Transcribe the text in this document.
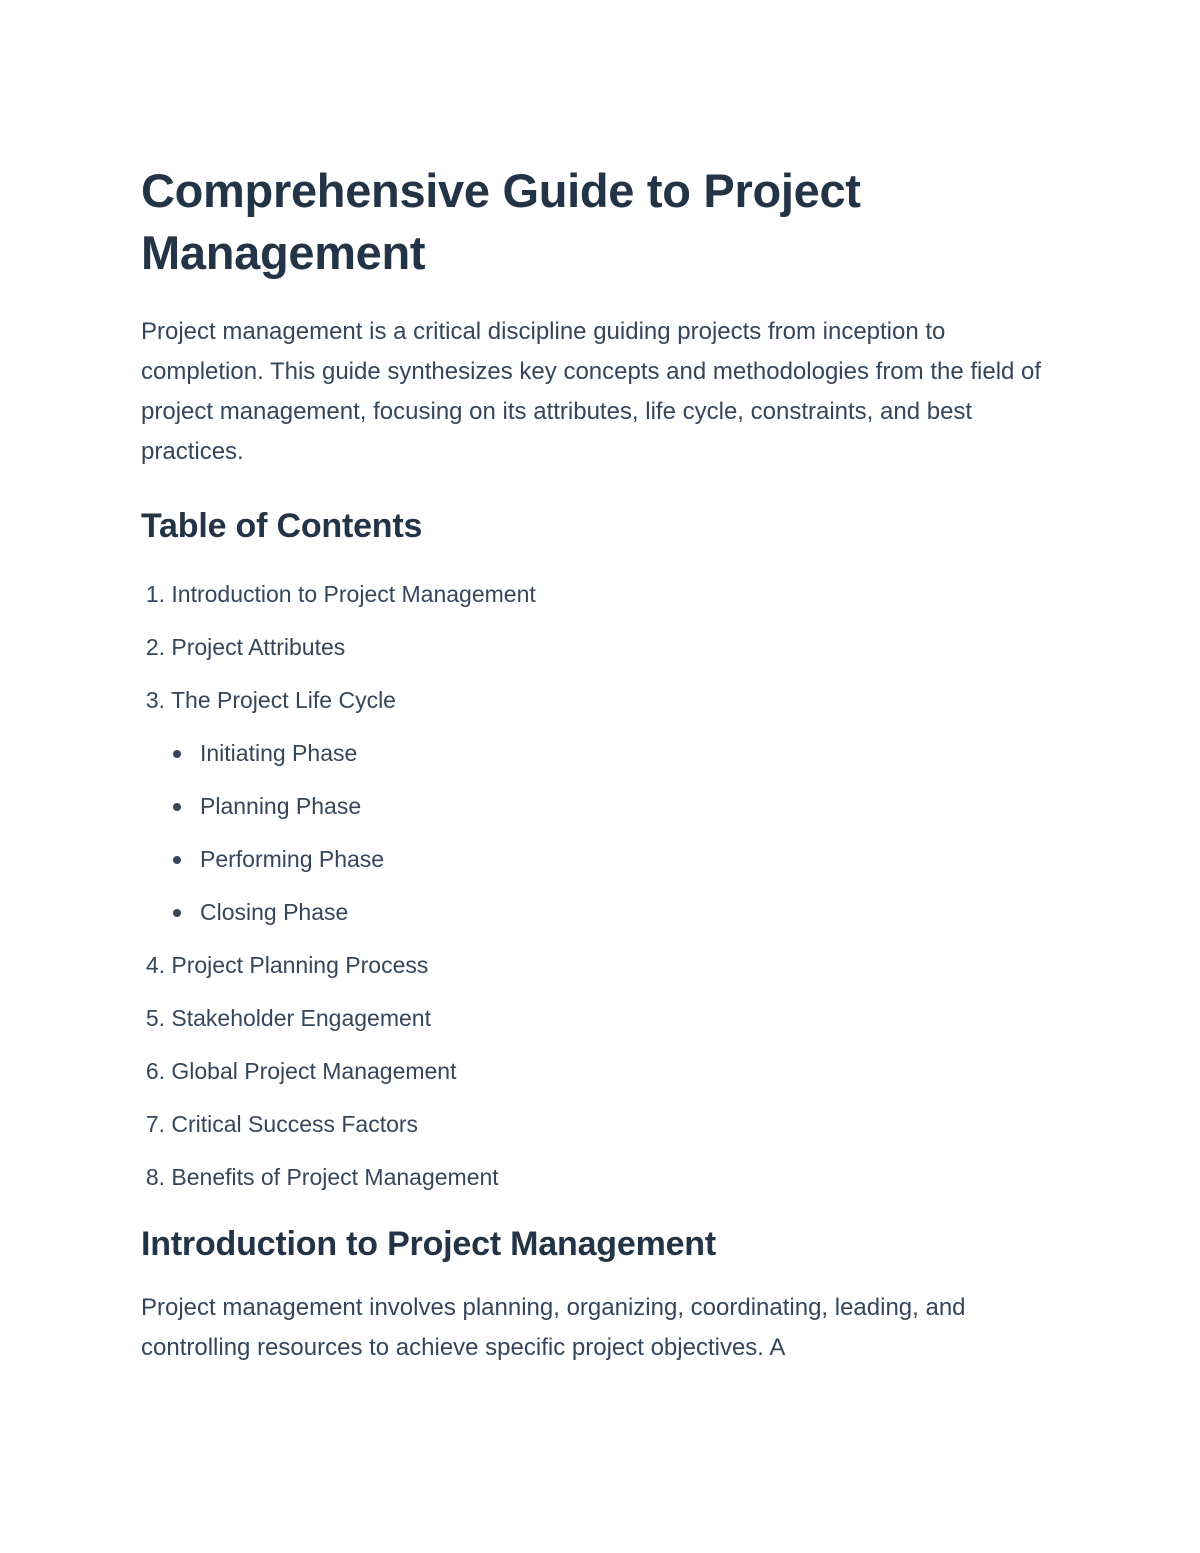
Comprehensive Guide to Project Management

Project management is a critical discipline guiding projects from inception to completion. This guide synthesizes key concepts and methodologies from the field of project management, focusing on its attributes, life cycle, constraints, and best practices.

Table of Contents
1. Introduction to Project Management
2. Project Attributes
3. The Project Life Cycle
Initiating Phase
Planning Phase
Performing Phase
Closing Phase
4. Project Planning Process
5. Stakeholder Engagement
6. Global Project Management
7. Critical Success Factors
8. Benefits of Project Management
Introduction to Project Management

Project management involves planning, organizing, coordinating, leading, and controlling resources to achieve specific project objectives. A
